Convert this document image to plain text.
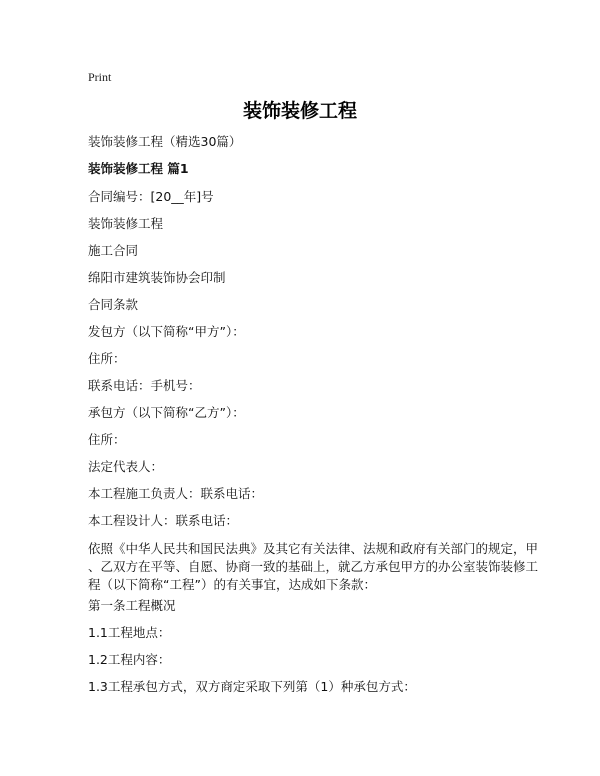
Print
装饰装修工程
装饰装修工程（精选30篇）
装饰装修工程 篇1
合同编号：[20__年]号
装饰装修工程
施工合同
绵阳市建筑装饰协会印制
合同条款
发包方（以下简称“甲方”）：
住所：
联系电话：手机号：
承包方（以下简称“乙方”）：
住所：
法定代表人：
本工程施工负责人：联系电话：
本工程设计人：联系电话：
依照《中华人民共和国民法典》及其它有关法律、法规和政府有关部门的规定，甲
、乙双方在平等、自愿、协商一致的基础上，就乙方承包甲方的办公室装饰装修工
程（以下简称“工程”）的有关事宜，达成如下条款：
第一条工程概况
1.1工程地点：
1.2工程内容：
1.3工程承包方式，双方商定采取下列第（1）种承包方式：
